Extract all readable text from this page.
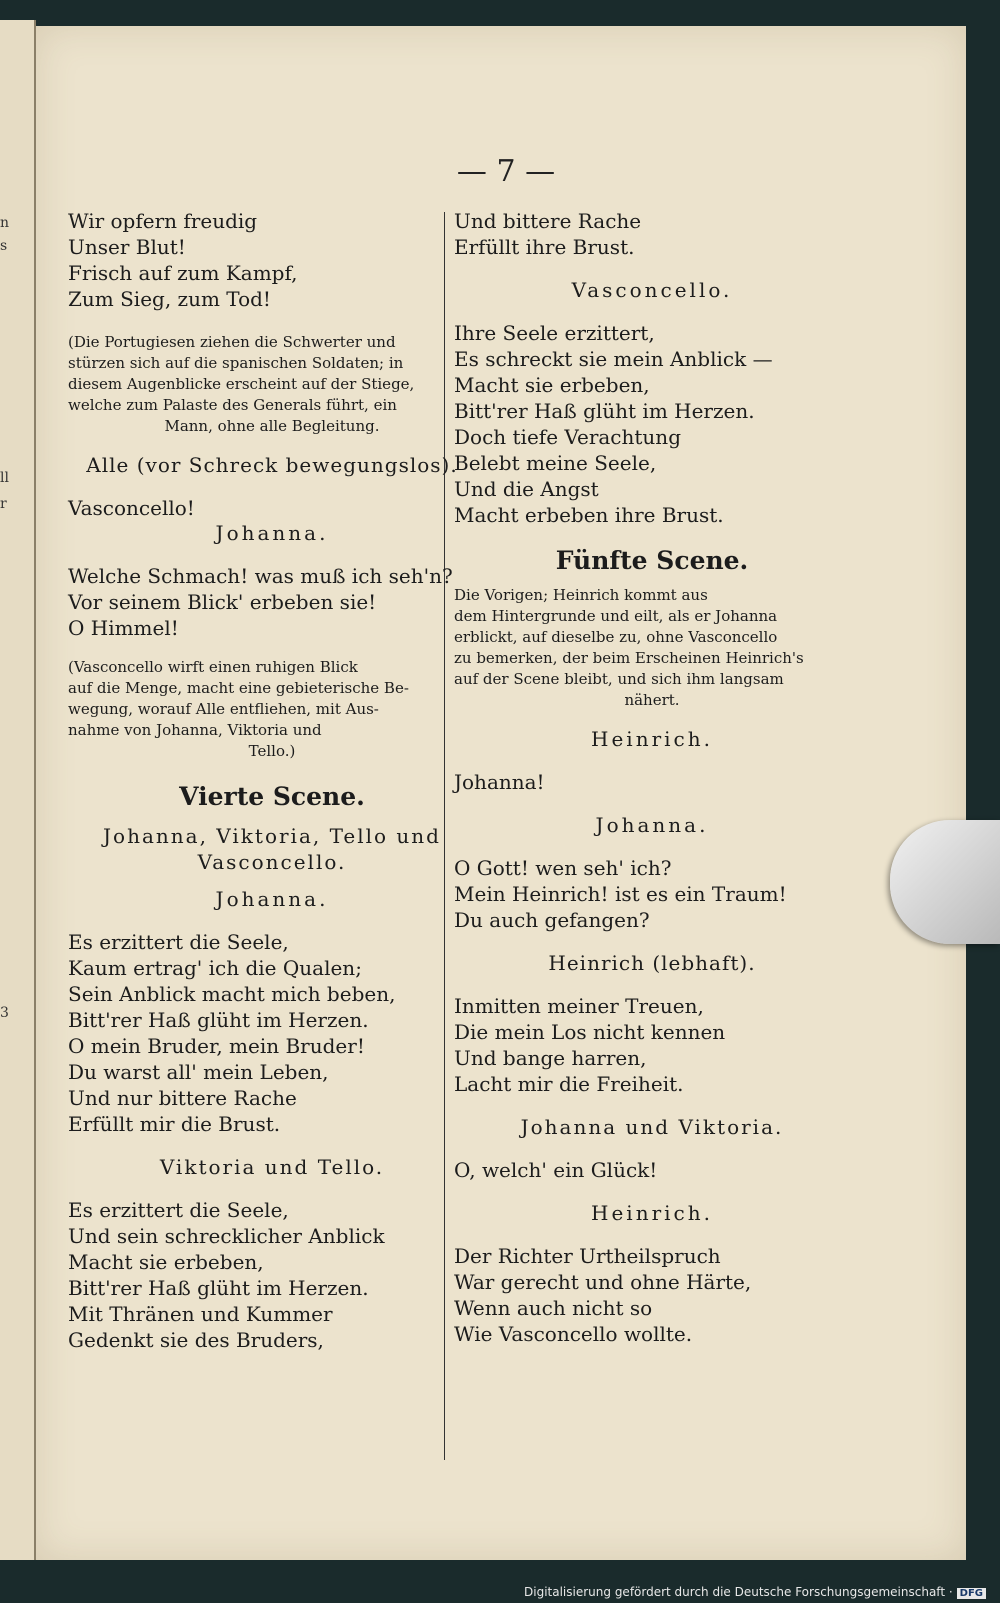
n
s
ll
r
3
— 7 —
Wir opfern freudig
Unser Blut!
Frisch auf zum Kampf,
Zum Sieg, zum Tod!
(Die Portugiesen ziehen die Schwerter und
stürzen sich auf die spanischen Soldaten; in
diesem Augenblicke erscheint auf der Stiege,
welche zum Palaste des Generals führt, ein
Mann, ohne alle Begleitung.
Alle (vor Schreck bewegungslos).
Vasconcello!
Johanna.
Welche Schmach! was muß ich seh'n?
Vor seinem Blick' erbeben sie!
O Himmel!
(Vasconcello wirft einen ruhigen Blick
auf die Menge, macht eine gebieterische Be-
wegung, worauf Alle entfliehen, mit Aus-
nahme von Johanna, Viktoria und
Tello.)
Vierte Scene.
Johanna, Viktoria, Tello und
Vasconcello.
Johanna.
Es erzittert die Seele,
Kaum ertrag' ich die Qualen;
Sein Anblick macht mich beben,
Bitt'rer Haß glüht im Herzen.
O mein Bruder, mein Bruder!
Du warst all' mein Leben,
Und nur bittere Rache
Erfüllt mir die Brust.
Viktoria und Tello.
Es erzittert die Seele,
Und sein schrecklicher Anblick
Macht sie erbeben,
Bitt'rer Haß glüht im Herzen.
Mit Thränen und Kummer
Gedenkt sie des Bruders,
Und bittere Rache
Erfüllt ihre Brust.
Vasconcello.
Ihre Seele erzittert,
Es schreckt sie mein Anblick —
Macht sie erbeben,
Bitt'rer Haß glüht im Herzen.
Doch tiefe Verachtung
Belebt meine Seele,
Und die Angst
Macht erbeben ihre Brust.
Fünfte Scene.
Die Vorigen; Heinrich kommt aus
dem Hintergrunde und eilt, als er Johanna
erblickt, auf dieselbe zu, ohne Vasconcello
zu bemerken, der beim Erscheinen Heinrich's
auf der Scene bleibt, und sich ihm langsam
nähert.
Heinrich.
Johanna!
Johanna.
O Gott! wen seh' ich?
Mein Heinrich! ist es ein Traum!
Du auch gefangen?
Heinrich (lebhaft).
Inmitten meiner Treuen,
Die mein Los nicht kennen
Und bange harren,
Lacht mir die Freiheit.
Johanna und Viktoria.
O, welch' ein Glück!
Heinrich.
Der Richter Urtheilspruch
War gerecht und ohne Härte,
Wenn auch nicht so
Wie Vasconcello wollte.
Digitalisierung gefördert durch die Deutsche Forschungsgemeinschaft · DFG
